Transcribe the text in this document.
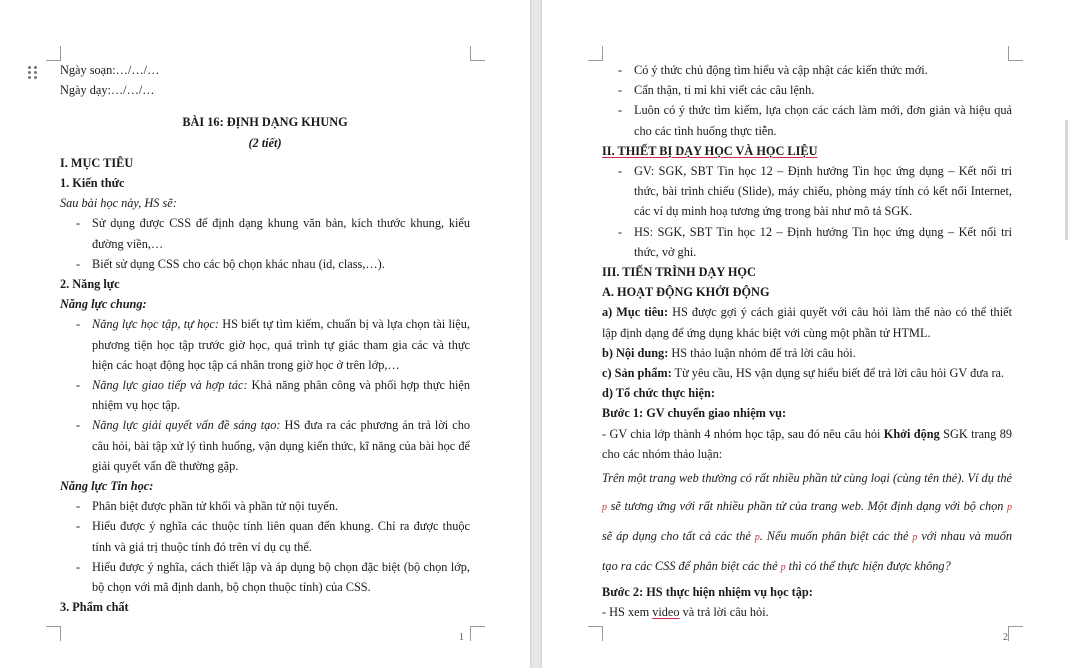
Ngày soạn:…/…/…

Ngày dạy:…/…/…

BÀI 16: ĐỊNH DẠNG KHUNG

(2 tiết)

I. MỤC TIÊU

1. Kiến thức

Sau bài học này, HS sẽ:

- Sử dụng được CSS để định dạng khung văn bản, kích thước khung, kiểu đường viền,…

- Biết sử dụng CSS cho các bộ chọn khác nhau (id, class,…).

2. Năng lực

Năng lực chung:

- Năng lực học tập, tự học: HS biết tự tìm kiếm, chuẩn bị và lựa chọn tài liệu, phương tiện học tập trước giờ học, quá trình tự giác tham gia các và thực hiện các hoạt động học tập cá nhân trong giờ học ở trên lớp,…

- Năng lực giao tiếp và hợp tác: Khả năng phân công và phối hợp thực hiện nhiệm vụ học tập.

- Năng lực giải quyết vấn đề sáng tạo: HS đưa ra các phương án trả lời cho câu hỏi, bài tập xử lý tình huống, vận dụng kiến thức, kĩ năng của bài học để giải quyết vấn đề thường gặp.

Năng lực Tin học:

- Phân biệt được phần tử khối và phần tử nội tuyến.

- Hiểu được ý nghĩa các thuộc tính liên quan đến khung. Chỉ ra được thuộc tính và giá trị thuộc tính đó trên ví dụ cụ thể.

- Hiểu được ý nghĩa, cách thiết lập và áp dụng bộ chọn đặc biệt (bộ chọn lớp, bộ chọn với mã định danh, bộ chọn thuộc tính) của CSS.

3. Phẩm chất

1

- Có ý thức chủ động tìm hiểu và cập nhật các kiến thức mới.

- Cẩn thận, tỉ mỉ khi viết các câu lệnh.

- Luôn có ý thức tìm kiếm, lựa chọn các cách làm mới, đơn giản và hiệu quả cho các tình huống thực tiễn.

II. THIẾT BỊ DẠY HỌC VÀ HỌC LIỆU

- GV: SGK, SBT Tin học 12 – Định hướng Tin học ứng dụng – Kết nối tri thức, bài trình chiếu (Slide), máy chiếu, phòng máy tính có kết nối Internet, các ví dụ minh hoạ tương ứng trong bài như mô tả SGK.

- HS: SGK, SBT Tin học 12 – Định hướng Tin học ứng dụng – Kết nối tri thức, vở ghi.

III. TIẾN TRÌNH DẠY HỌC

A. HOẠT ĐỘNG KHỞI ĐỘNG

a) Mục tiêu: HS được gợi ý cách giải quyết với câu hỏi làm thế nào có thể thiết lập định dạng để ứng dụng khác biệt với cùng một phần tử HTML.

b) Nội dung: HS thảo luận nhóm để trả lời câu hỏi.

c) Sản phẩm: Từ yêu cầu, HS vận dụng sự hiểu biết để trả lời câu hỏi GV đưa ra.

d) Tổ chức thực hiện:

Bước 1: GV chuyển giao nhiệm vụ:

- GV chia lớp thành 4 nhóm học tập, sau đó nêu câu hỏi Khởi động SGK trang 89 cho các nhóm thảo luận:

Trên một trang web thường có rất nhiều phần tử cùng loại (cùng tên thẻ). Ví dụ thẻ p sẽ tương ứng với rất nhiều phần tử của trang web. Một định dạng với bộ chọn p sẽ áp dụng cho tất cả các thẻ p. Nếu muốn phân biệt các thẻ p với nhau và muốn tạo ra các CSS để phân biệt các thẻ p thì có thể thực hiện được không?

Bước 2: HS thực hiện nhiệm vụ học tập:

- HS xem video và trả lời câu hỏi.

2
